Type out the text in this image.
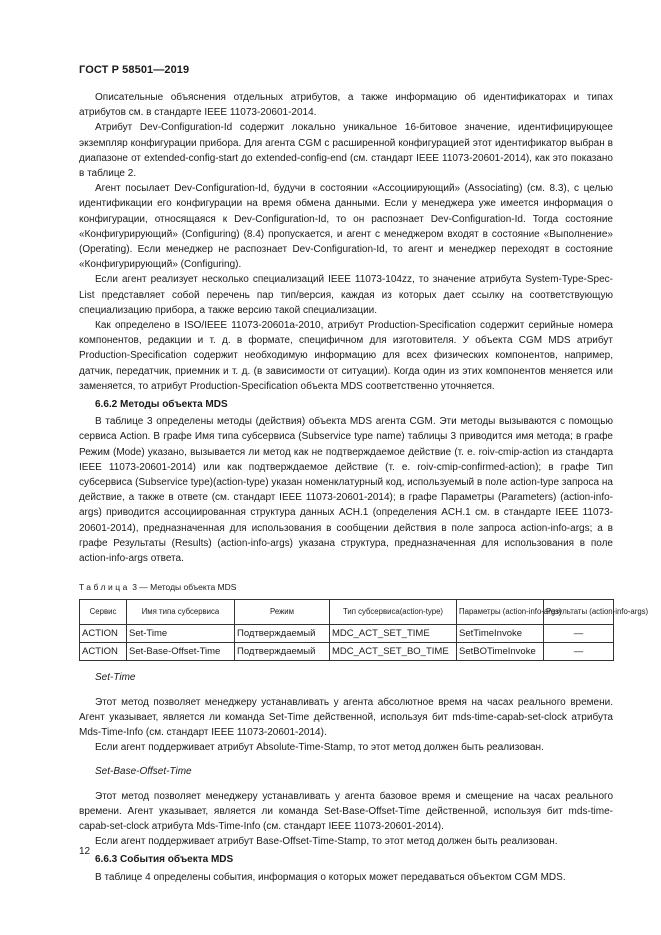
ГОСТ Р 58501—2019

Описательные объяснения отдельных атрибутов, а также информацию об идентификаторах и типах атрибутов см. в стандарте IEEE 11073-20601-2014.

Атрибут Dev-Configuration-Id содержит локально уникальное 16-битовое значение, идентифицирующее экземпляр конфигурации прибора. Для агента CGM с расширенной конфигурацией этот идентификатор выбран в диапазоне от extended-config-start до extended-config-end (см. стандарт IEEE 11073-20601-2014), как это показано в таблице 2.

Агент посылает Dev-Configuration-Id, будучи в состоянии «Ассоциирующий» (Associating) (см. 8.3), с целью идентификации его конфигурации на время обмена данными. Если у менеджера уже имеется информация о конфигурации, относящаяся к Dev-Configuration-Id, то он распознает Dev-Configuration-Id. Тогда состояние «Конфигурирующий» (Configuring) (8.4) пропускается, и агент с менеджером входят в состояние «Выполнение» (Operating). Если менеджер не распознает Dev-Configuration-Id, то агент и менеджер переходят в состояние «Конфигурирующий» (Configuring).

Если агент реализует несколько специализаций IEEE 11073-104zz, то значение атрибута System-Type-Spec-List представляет собой перечень пар тип/версия, каждая из которых дает ссылку на соответствующую специализацию прибора, а также версию такой специализации.

Как определено в ISO/IEEE 11073-20601a-2010, атрибут Production-Specification содержит серийные номера компонентов, редакции и т. д. в формате, специфичном для изготовителя. У объекта CGM MDS атрибут Production-Specification содержит необходимую информацию для всех физических компонентов, например, датчик, передатчик, приемник и т. д. (в зависимости от ситуации). Когда один из этих компонентов меняется или заменяется, то атрибут Production-Specification объекта MDS соответственно уточняется.

6.6.2 Методы объекта MDS

В таблице 3 определены методы (действия) объекта MDS агента CGM. Эти методы вызываются с помощью сервиса Action. В графе Имя типа субсервиса (Subservice type name) таблицы 3 приводится имя метода; в графе Режим (Mode) указано, вызывается ли метод как не подтверждаемое действие (т. е. roiv-cmip-action из стандарта IEEE 11073-20601-2014) или как подтверждаемое действие (т. е. roiv-cmip-confirmed-action); в графе Тип субсервиса (Subservice type)(action-type) указан номенклатурный код, используемый в поле action-type запроса на действие, а также в ответе (см. стандарт IEEE 11073-20601-2014); в графе Параметры (Parameters) (action-info-args) приводится ассоциированная структура данных ACH.1 (определения ACH.1 см. в стандарте IEEE 11073-20601-2014), предназначенная для использования в сообщении действия в поле запроса action-info-args; а в графе Результаты (Results) (action-info-args) указана структура, предназначенная для использования в поле action-info-args ответа.

Таблица 3 — Методы объекта MDS

Сервис	Имя типа субсервиса	Режим	Тип субсервиса(action-type)	Параметры (action-info-args)	Результаты (action-info-args)
ACTION	Set-Time	Подтверждаемый	MDC_ACT_SET_TIME	SetTimeInvoke	—
ACTION	Set-Base-Offset-Time	Подтверждаемый	MDC_ACT_SET_BO_TIME	SetBOTimeInvoke	—

Set-Time

Этот метод позволяет менеджеру устанавливать у агента абсолютное время на часах реального времени. Агент указывает, является ли команда Set-Time действенной, используя бит mds-time-capab-set-clock атрибута Mds-Time-Info (см. стандарт IEEE 11073-20601-2014).

Если агент поддерживает атрибут Absolute-Time-Stamp, то этот метод должен быть реализован.

Set-Base-Offset-Time

Этот метод позволяет менеджеру устанавливать у агента базовое время и смещение на часах реального времени. Агент указывает, является ли команда Set-Base-Offset-Time действенной, используя бит mds-time-capab-set-clock атрибута Mds-Time-Info (см. стандарт IEEE 11073-20601-2014).

Если агент поддерживает атрибут Base-Offset-Time-Stamp, то этот метод должен быть реализован.

6.6.3 События объекта MDS

В таблице 4 определены события, информация о которых может передаваться объектом CGM MDS.

12
